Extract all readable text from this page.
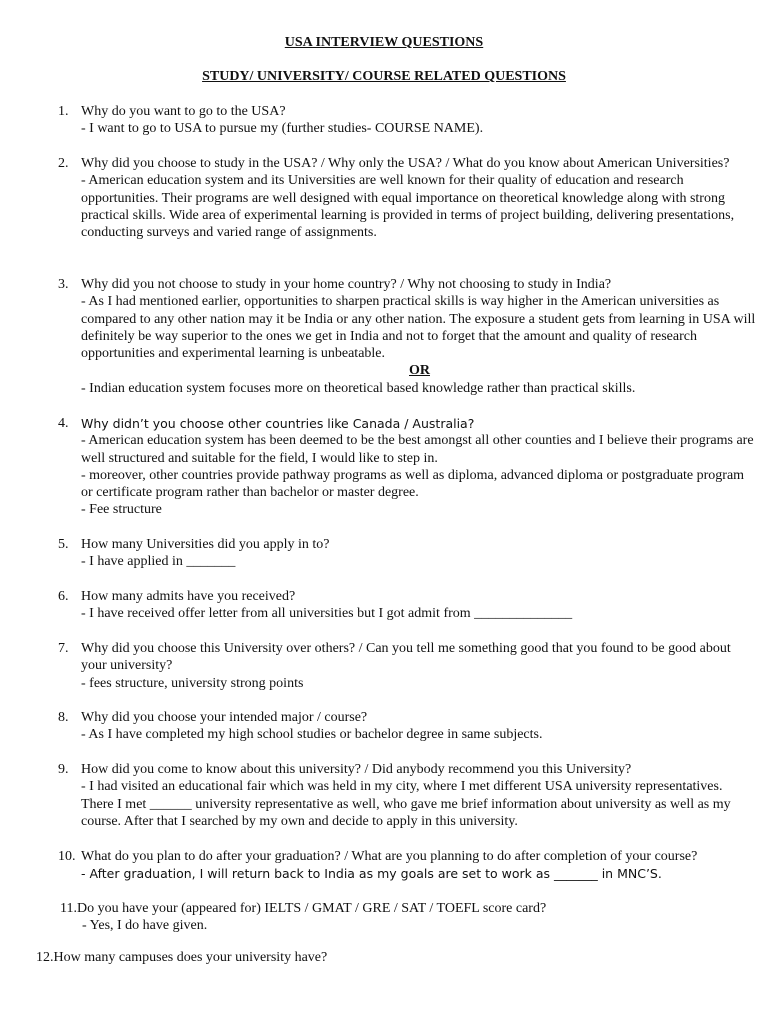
USA INTERVIEW QUESTIONS
STUDY/ UNIVERSITY/ COURSE RELATED QUESTIONS
1. Why do you want to go to the USA?
- I want to go to USA to pursue my (further studies- COURSE NAME).
2. Why did you choose to study in the USA? / Why only the USA? / What do you know about American Universities?
- American education system and its Universities are well known for their quality of education and research opportunities. Their programs are well designed with equal importance on theoretical knowledge along with strong practical skills. Wide area of experimental learning is provided in terms of project building, delivering presentations, conducting surveys and varied range of assignments.
3. Why did you not choose to study in your home country? / Why not choosing to study in India?
- As I had mentioned earlier, opportunities to sharpen practical skills is way higher in the American universities as compared to any other nation may it be India or any other nation. The exposure a student gets from learning in USA will definitely be way superior to the ones we get in India and not to forget that the amount and quality of research opportunities and experimental learning is unbeatable.
OR
- Indian education system focuses more on theoretical based knowledge rather than practical skills.
4. Why didn’t you choose other countries like Canada / Australia?
- American education system has been deemed to be the best amongst all other counties and I believe their programs are well structured and suitable for the field, I would like to step in.
- moreover, other countries provide pathway programs as well as diploma, advanced diploma or postgraduate program or certificate program rather than bachelor or master degree.
- Fee structure
5. How many Universities did you apply in to?
- I have applied in _______
6. How many admits have you received?
- I have received offer letter from all universities but I got admit from ______________
7. Why did you choose this University over others? / Can you tell me something good that you found to be good about your university?
- fees structure, university strong points
8. Why did you choose your intended major / course?
- As I have completed my high school studies or bachelor degree in same subjects.
9. How did you come to know about this university? / Did anybody recommend you this University?
- I had visited an educational fair which was held in my city, where I met different USA university representatives. There I met ______ university representative as well, who gave me brief information about university as well as my course. After that I searched by my own and decide to apply in this university.
10. What do you plan to do after your graduation? / What are you planning to do after completion of your course?
- After graduation, I will return back to India as my goals are set to work as _______ in MNC’S.
11.Do you have your (appeared for) IELTS / GMAT / GRE / SAT / TOEFL score card?
- Yes, I do have given.
12.How many campuses does your university have?
